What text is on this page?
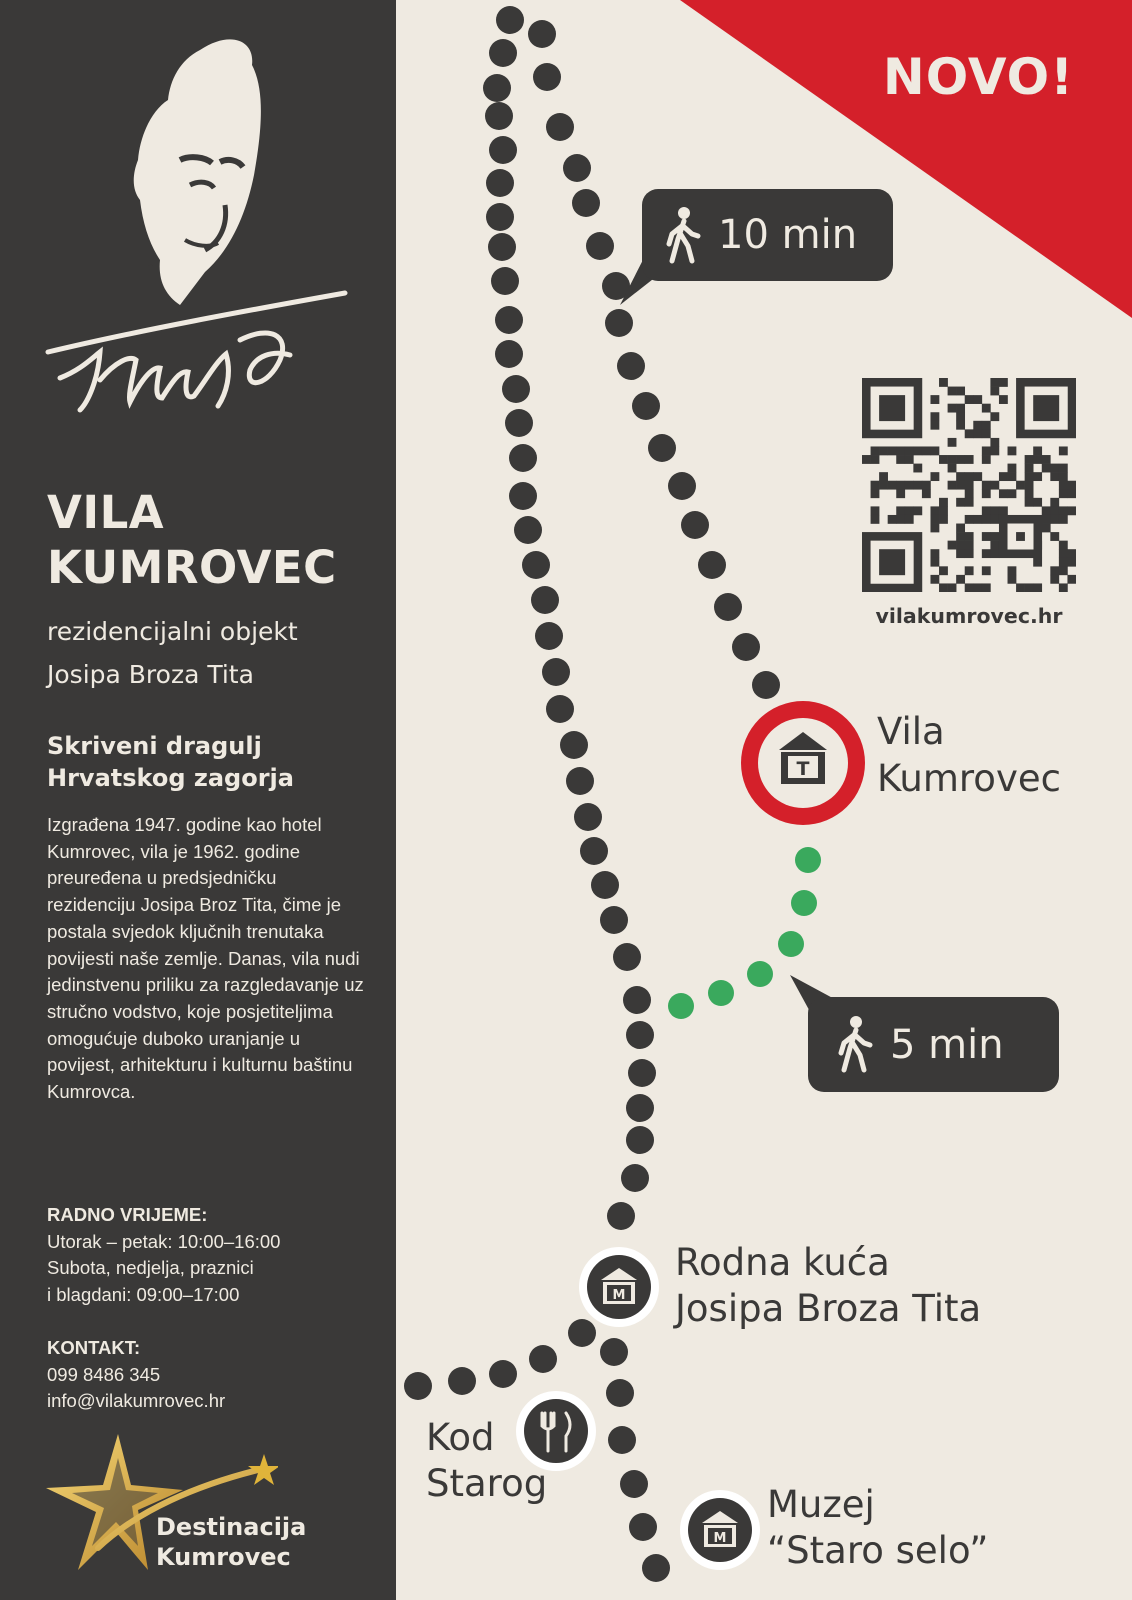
T
M
M
VILA
KUMROVEC

rezidencijalni objekt
Josipa Broza Tita

Skriveni dragulj
Hrvatskog zagorja

Izgrađena 1947. godine kao hotel Kumrovec, vila je 1962. godine preuređena u predsjedničku rezidenciju Josipa Broz Tita, čime je postala svjedok ključnih trenutaka povijesti naše zemlje. Danas, vila nudi jedinstvenu priliku za razgledavanje uz stručno vodstvo, koje posjetiteljima omogućuje duboko uranjanje u povijest, arhitekturu i kulturnu baštinu Kumrovca.

RADNO VRIJEME:
Utorak – petak: 10:00–16:00
Subota, nedjelja, praznici
i blagdani: 09:00–17:00
KONTAKT:
099 8486 345
info@vilakumrovec.hr

Destinacija
Kumrovec

NOVO!

10 min
5 min

vilakumrovec.hr

Vila
Kumrovec

Rodna kuća
Josipa Broza Tita

Kod
Starog	Muzej
“Staro selo”
